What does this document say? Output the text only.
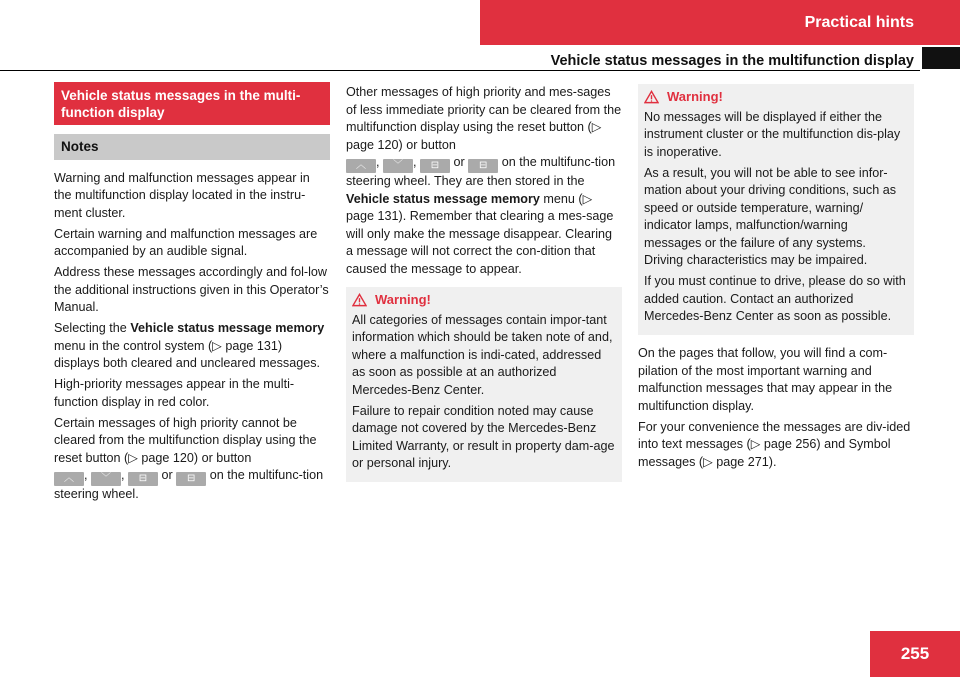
Practical hints
Vehicle status messages in the multifunction display
Vehicle status messages in the multi-function display
Notes

Warning and malfunction messages appear in the multifunction display located in the instru-ment cluster.

Certain warning and malfunction messages are accompanied by an audible signal.

Address these messages accordingly and fol-low the additional instructions given in this Operator’s Manual.

Selecting the Vehicle status message memory menu in the control system (▷ page 131) displays both cleared and uncleared messages.

High-priority messages appear in the multi-function display in red color.

Certain messages of high priority cannot be cleared from the multifunction display using the reset button (▷ page 120) or button
︿ , ﹀ , ⊟ or ⊟ on the multifunc-tion steering wheel.

Other messages of high priority and mes-sages of less immediate priority can be cleared from the multifunction display using the reset button (▷ page 120) or button
︿ , ﹀ , ⊟ or ⊟ on the multifunc-tion steering wheel. They are then stored in the Vehicle status message memory menu (▷ page 131). Remember that clearing a mes-sage will only make the message disappear. Clearing a message will not correct the con-dition that caused the message to appear.

Warning!

All categories of messages contain impor-tant information which should be taken note of and, where a malfunction is indi-cated, addressed as soon as possible at an authorized Mercedes-Benz Center.

Failure to repair condition noted may cause damage not covered by the Mercedes-Benz Limited Warranty, or result in property dam-age or personal injury.

Warning!

No messages will be displayed if either the instrument cluster or the multifunction dis-play is inoperative.

As a result, you will not be able to see infor-mation about your driving conditions, such as speed or outside temperature, warning/ indicator lamps, malfunction/warning messages or the failure of any systems. Driving characteristics may be impaired.

If you must continue to drive, please do so with added caution. Contact an authorized Mercedes-Benz Center as soon as possible.

On the pages that follow, you will find a com-pilation of the most important warning and malfunction messages that may appear in the multifunction display.

For your convenience the messages are div-ided into text messages (▷ page 256) and Symbol messages (▷ page 271).

255
